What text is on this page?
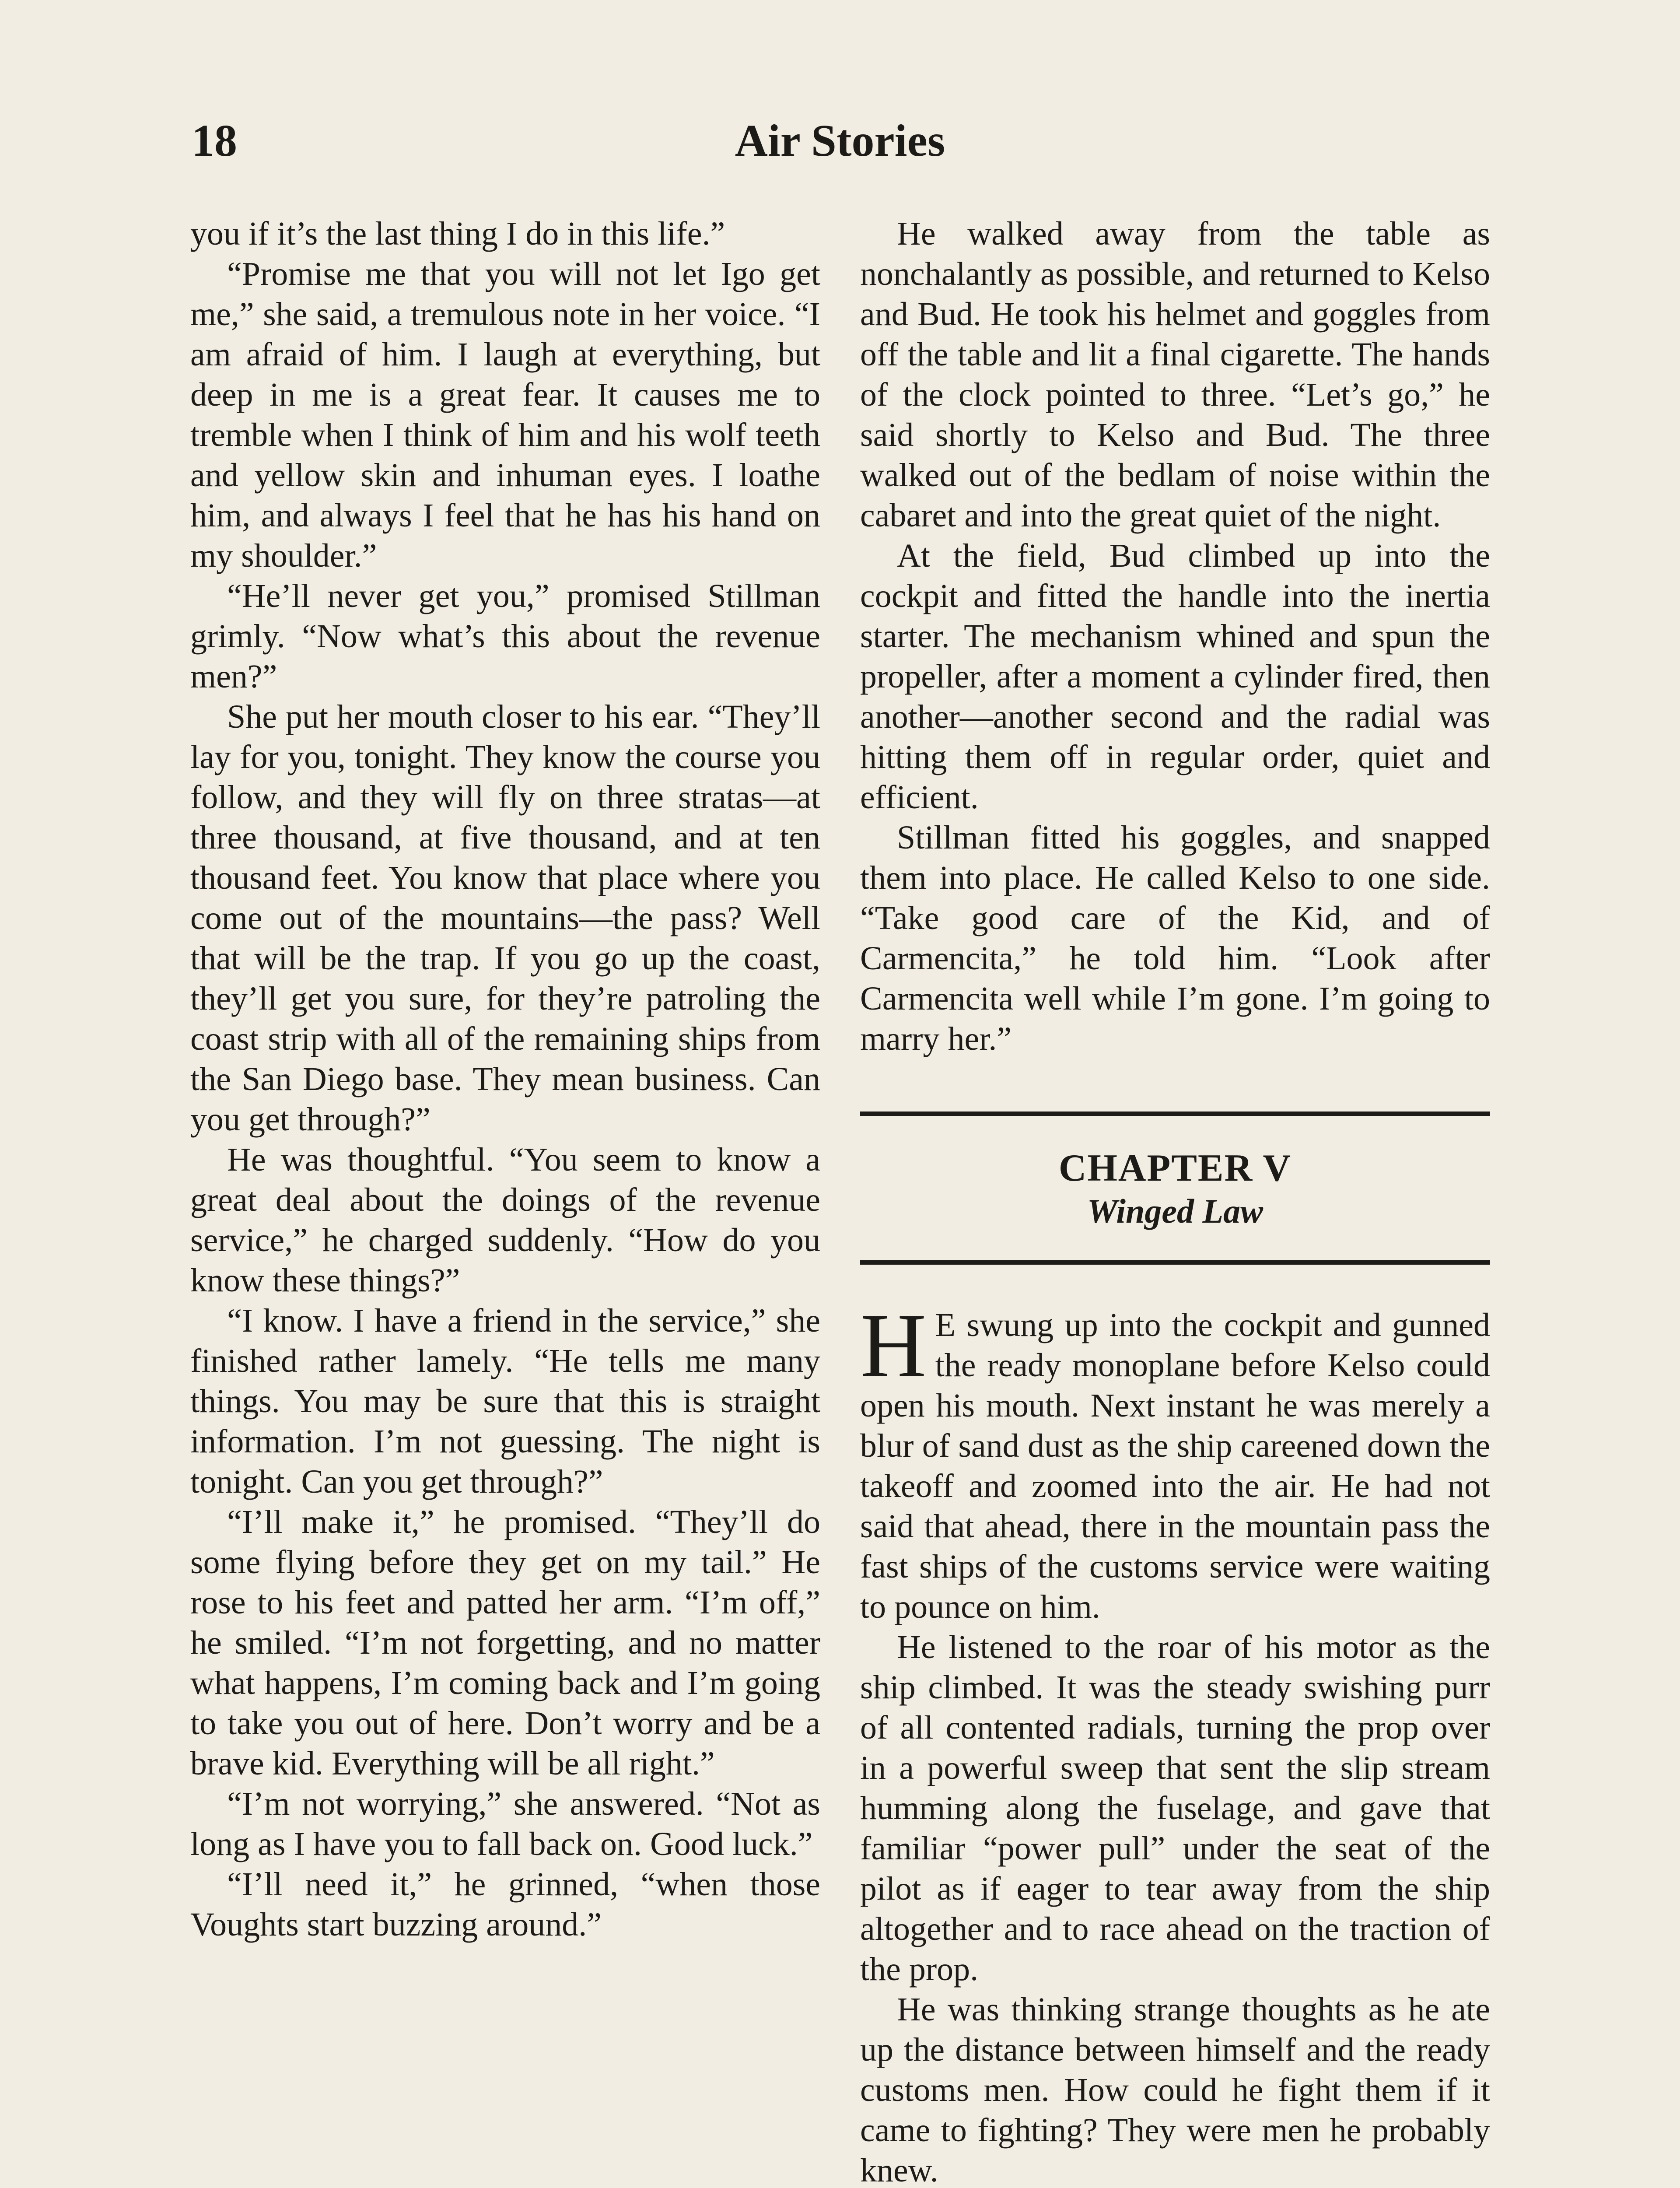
18	Air Stories

you if it’s the last thing I do in this life.”

“Promise me that you will not let Igo get me,” she said, a tremulous note in her voice. “I am afraid of him. I laugh at everything, but deep in me is a great fear. It causes me to tremble when I think of him and his wolf teeth and yellow skin and inhuman eyes. I loathe him, and always I feel that he has his hand on my shoulder.”

“He’ll never get you,” promised Stillman grimly. “Now what’s this about the revenue men?”

She put her mouth closer to his ear. “They’ll lay for you, tonight. They know the course you follow, and they will fly on three stratas—at three thousand, at five thousand, and at ten thousand feet. You know that place where you come out of the mountains—the pass? Well that will be the trap. If you go up the coast, they’ll get you sure, for they’re patroling the coast strip with all of the remaining ships from the San Diego base. They mean business. Can you get through?”

He was thoughtful. “You seem to know a great deal about the doings of the revenue service,” he charged suddenly. “How do you know these things?”

“I know. I have a friend in the service,” she finished rather lamely. “He tells me many things. You may be sure that this is straight information. I’m not guessing. The night is tonight. Can you get through?”

“I’ll make it,” he promised. “They’ll do some flying before they get on my tail.” He rose to his feet and patted her arm. “I’m off,” he smiled. “I’m not forgetting, and no matter what happens, I’m coming back and I’m going to take you out of here. Don’t worry and be a brave kid. Everything will be all right.”

“I’m not worrying,” she answered. “Not as long as I have you to fall back on. Good luck.”

“I’ll need it,” he grinned, “when those Voughts start buzzing around.”

He walked away from the table as nonchalantly as possible, and returned to Kelso and Bud. He took his helmet and goggles from off the table and lit a final cigarette. The hands of the clock pointed to three. “Let’s go,” he said shortly to Kelso and Bud. The three walked out of the bedlam of noise within the cabaret and into the great quiet of the night.

At the field, Bud climbed up into the cockpit and fitted the handle into the inertia starter. The mechanism whined and spun the propeller, after a moment a cylinder fired, then another—another second and the radial was hitting them off in regular order, quiet and efficient.

Stillman fitted his goggles, and snapped them into place. He called Kelso to one side. “Take good care of the Kid, and of Carmencita,” he told him. “Look after Carmencita well while I’m gone. I’m going to marry her.”

CHAPTER V
Winged Law

H E swung up into the cockpit and gunned the ready monoplane before Kelso could open his mouth. Next instant he was merely a blur of sand dust as the ship careened down the takeoff and zoomed into the air. He had not said that ahead, there in the mountain pass the fast ships of the customs service were waiting to pounce on him.

He listened to the roar of his motor as the ship climbed. It was the steady swishing purr of all contented radials, turning the prop over in a powerful sweep that sent the slip stream humming along the fuselage, and gave that familiar “power pull” under the seat of the pilot as if eager to tear away from the ship altogether and to race ahead on the traction of the prop.

He was thinking strange thoughts as he ate up the distance between himself and the ready customs men. How could he fight them if it came to fighting? They were men he probably knew.
